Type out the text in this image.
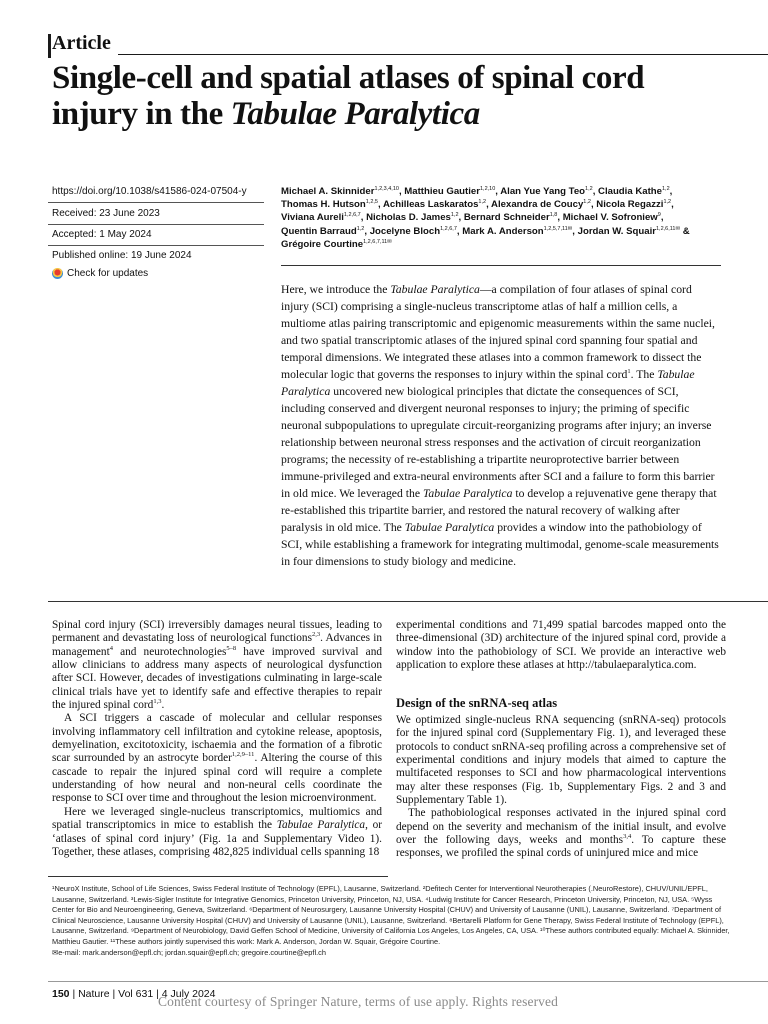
Article
Single-cell and spatial atlases of spinal cord
injury in the Tabulae Paralytica
https://doi.org/10.1038/s41586-024-07504-y
Received: 23 June 2023
Accepted: 1 May 2024
Published online: 19 June 2024
Check for updates
Michael A. Skinnider$^{1,2,3,4,10}$, Matthieu Gautier$^{1,2,10}$, Alan Yue Yang Teo$^{1,2}$, Claudia Kathe$^{1,2}$,
Thomas H. Hutson$^{1,2,5}$, Achilleas Laskaratos$^{1,2}$, Alexandra de Coucy$^{1,2}$, Nicola Regazzi$^{1,2}$,
Viviana Aureli$^{1,2,6,7}$, Nicholas D. James$^{1,2}$, Bernard Schneider$^{1,8}$, Michael V. Sofroniew$^9$,
Quentin Barraud$^{1,2}$, Jocelyne Bloch$^{1,2,6,7}$, Mark A. Anderson$^{1,2,5,7,11✉}$, Jordan W. Squair$^{1,2,6,11✉}$ &
Grégoire Courtine$^{1,2,6,7,11✉}$
Here, we introduce the Tabulae Paralytica—a compilation of four atlases of spinal cord injury (SCI) comprising a single-nucleus transcriptome atlas of half a million cells, a multiome atlas pairing transcriptomic and epigenomic measurements within the same nuclei, and two spatial transcriptomic atlases of the injured spinal cord spanning four spatial and temporal dimensions. We integrated these atlases into a common framework to dissect the molecular logic that governs the responses to injury within the spinal cord$^1$. The Tabulae Paralytica uncovered new biological principles that dictate the consequences of SCI, including conserved and divergent neuronal responses to injury; the priming of specific neuronal subpopulations to upregulate circuit-reorganizing programs after injury; an inverse relationship between neuronal stress responses and the activation of circuit reorganization programs; the necessity of re-establishing a tripartite neuroprotective barrier between immune-privileged and extra-neural environments after SCI and a failure to form this barrier in old mice. We leveraged the Tabulae Paralytica to develop a rejuvenative gene therapy that re-established this tripartite barrier, and restored the natural recovery of walking after paralysis in old mice. The Tabulae Paralytica provides a window into the pathobiology of SCI, while establishing a framework for integrating multimodal, genome-scale measurements in four dimensions to study biology and medicine.

Spinal cord injury (SCI) irreversibly damages neural tissues, leading to permanent and devastating loss of neurological functions$^{2,3}$. Advances in management$^4$ and neurotechnologies$^{5-8}$ have improved survival and allow clinicians to address many aspects of neurological dysfunction after SCI. However, decades of investigations culminating in large-scale clinical trials have yet to identify safe and effective therapies to repair the injured spinal cord$^{1,3}$.

A SCI triggers a cascade of molecular and cellular responses involving inflammatory cell infiltration and cytokine release, apoptosis, demyelination, excitotoxicity, ischaemia and the formation of a fibrotic scar surrounded by an astrocyte border$^{1,2,9-11}$. Altering the course of this cascade to repair the injured spinal cord will require a complete understanding of how neural and non-neural cells coordinate the response to SCI over time and throughout the lesion microenvironment.

Here we leveraged single-nucleus transcriptomics, multiomics and spatial transcriptomics in mice to establish the Tabulae Paralytica, or ‘atlases of spinal cord injury’ (Fig. 1a and Supplementary Video 1). Together, these atlases, comprising 482,825 individual cells spanning 18

experimental conditions and 71,499 spatial barcodes mapped onto the three-dimensional (3D) architecture of the injured spinal cord, provide a window into the pathobiology of SCI. We provide an interactive web application to explore these atlases at http://tabulaeparalytica.com.

Design of the snRNA-seq atlas

We optimized single-nucleus RNA sequencing (snRNA-seq) protocols for the injured spinal cord (Supplementary Fig. 1), and leveraged these protocols to conduct snRNA-seq profiling across a comprehensive set of experimental conditions and injury models that aimed to capture the multifaceted responses to SCI and how pharmacological interventions may alter these responses (Fig. 1b, Supplementary Figs. 2 and 3 and Supplementary Table 1).

The pathobiological responses activated in the injured spinal cord depend on the severity and mechanism of the initial insult, and evolve over the following days, weeks and months$^{3,4}$. To capture these responses, we profiled the spinal cords of uninjured mice and mice

¹NeuroX Institute, School of Life Sciences, Swiss Federal Institute of Technology (EPFL), Lausanne, Switzerland. ²Defitech Center for Interventional Neurotherapies (.NeuroRestore), CHUV/UNIL/EPFL, Lausanne, Switzerland. ³Lewis-Sigler Institute for Integrative Genomics, Princeton University, Princeton, NJ, USA. ⁴Ludwig Institute for Cancer Research, Princeton University, Princeton, NJ, USA. ⁵Wyss Center for Bio and Neuroengineering, Geneva, Switzerland. ⁶Department of Neurosurgery, Lausanne University Hospital (CHUV) and University of Lausanne (UNIL), Lausanne, Switzerland. ⁷Department of Clinical Neuroscience, Lausanne University Hospital (CHUV) and University of Lausanne (UNIL), Lausanne, Switzerland. ⁸Bertarelli Platform for Gene Therapy, Swiss Federal Institute of Technology (EPFL), Lausanne, Switzerland. ⁹Department of Neurobiology, David Geffen School of Medicine, University of California Los Angeles, Los Angeles, CA, USA. ¹⁰These authors contributed equally: Michael A. Skinnider, Matthieu Gautier. ¹¹These authors jointly supervised this work: Mark A. Anderson, Jordan W. Squair, Grégoire Courtine.
✉e-mail: mark.anderson@epfl.ch; jordan.squair@epfl.ch; gregoire.courtine@epfl.ch
150 | Nature | Vol 631 | 4 July 2024
Content courtesy of Springer Nature, terms of use apply. Rights reserved
